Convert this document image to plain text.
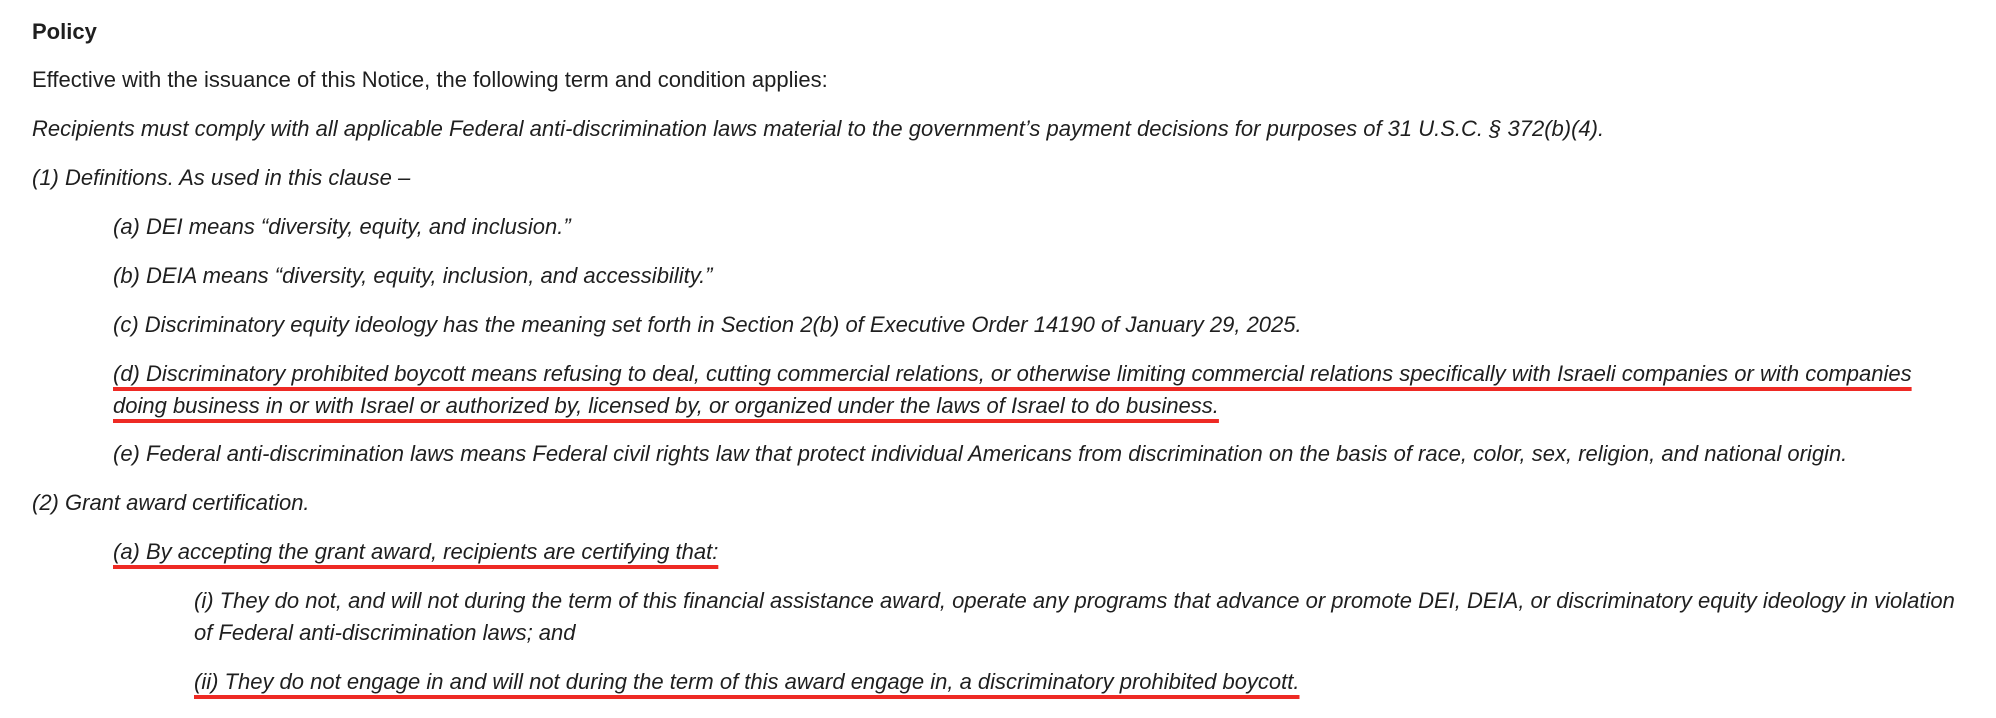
Policy
Effective with the issuance of this Notice, the following term and condition applies:
Recipients must comply with all applicable Federal anti-discrimination laws material to the government’s payment decisions for purposes of 31 U.S.C. § 372(b)(4).
(1) Definitions. As used in this clause –
(a) DEI means “diversity, equity, and inclusion.”
(b) DEIA means “diversity, equity, inclusion, and accessibility.”
(c) Discriminatory equity ideology has the meaning set forth in Section 2(b) of Executive Order 14190 of January 29, 2025.
(d) Discriminatory prohibited boycott means refusing to deal, cutting commercial relations, or otherwise limiting commercial relations specifically with Israeli companies or with companies doing business in or with Israel or authorized by, licensed by, or organized under the laws of Israel to do business.
(e) Federal anti-discrimination laws means Federal civil rights law that protect individual Americans from discrimination on the basis of race, color, sex, religion, and national origin.
(2) Grant award certification.
(a) By accepting the grant award, recipients are certifying that:
(i) They do not, and will not during the term of this financial assistance award, operate any programs that advance or promote DEI, DEIA, or discriminatory equity ideology in violation of Federal anti-discrimination laws; and
(ii) They do not engage in and will not during the term of this award engage in, a discriminatory prohibited boycott.
